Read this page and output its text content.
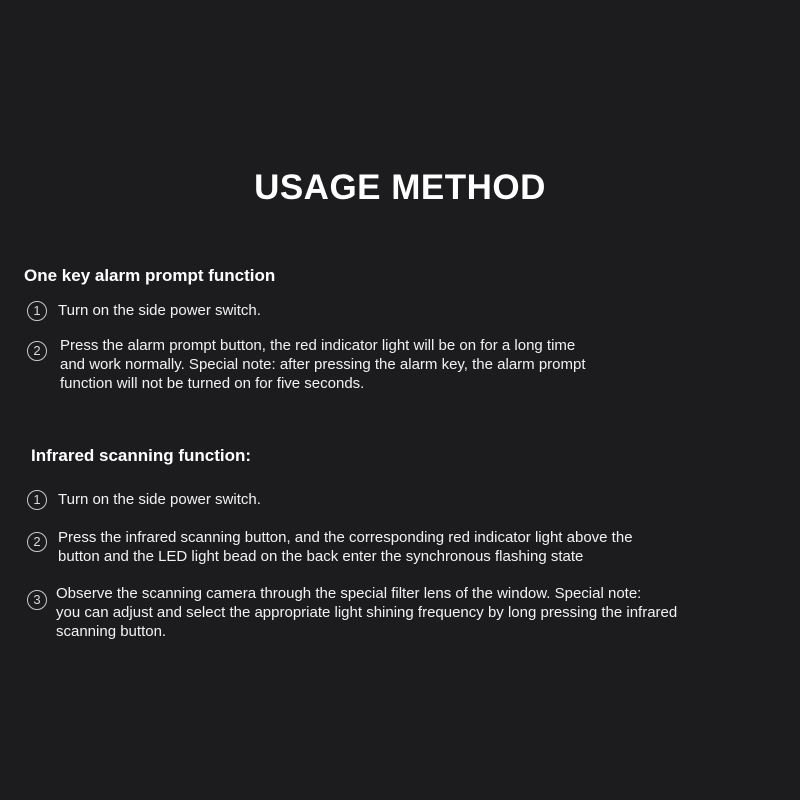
USAGE METHOD
One key alarm prompt function
1	Turn on the side power switch.
2	Press the alarm prompt button, the red indicator light will be on for a long time
and work normally. Special note: after pressing the alarm key, the alarm prompt
function will not be turned on for five seconds.
Infrared scanning function:
1	Turn on the side power switch.
2	Press the infrared scanning button, and the corresponding red indicator light above the
button and the LED light bead on the back enter the synchronous flashing state
3	Observe the scanning camera through the special filter lens of the window. Special note:
you can adjust and select the appropriate light shining frequency by long pressing the infrared
scanning button.
